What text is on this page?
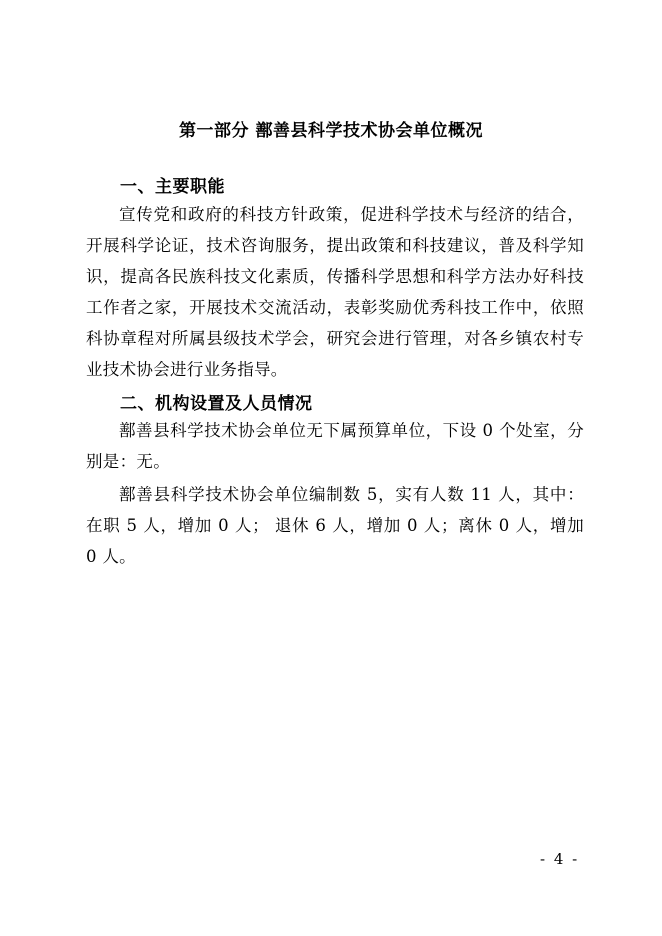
第一部分 鄯善县科学技术协会单位概况
一、主要职能
宣传党和政府的科技方针政策，促进科学技术与经济的结合，开展科学论证，技术咨询服务，提出政策和科技建议，普及科学知识，提高各民族科技文化素质，传播科学思想和科学方法办好科技工作者之家，开展技术交流活动，表彰奖励优秀科技工作中，依照科协章程对所属县级技术学会，研究会进行管理，对各乡镇农村专业技术协会进行业务指导。
二、机构设置及人员情况
鄯善县科学技术协会单位无下属预算单位，下设 0 个处室，分别是：无。
鄯善县科学技术协会单位编制数 5，实有人数 11 人，其中：在职 5 人，增加 0 人； 退休 6 人，增加 0 人；离休 0 人，增加 0 人。
- 4 -
